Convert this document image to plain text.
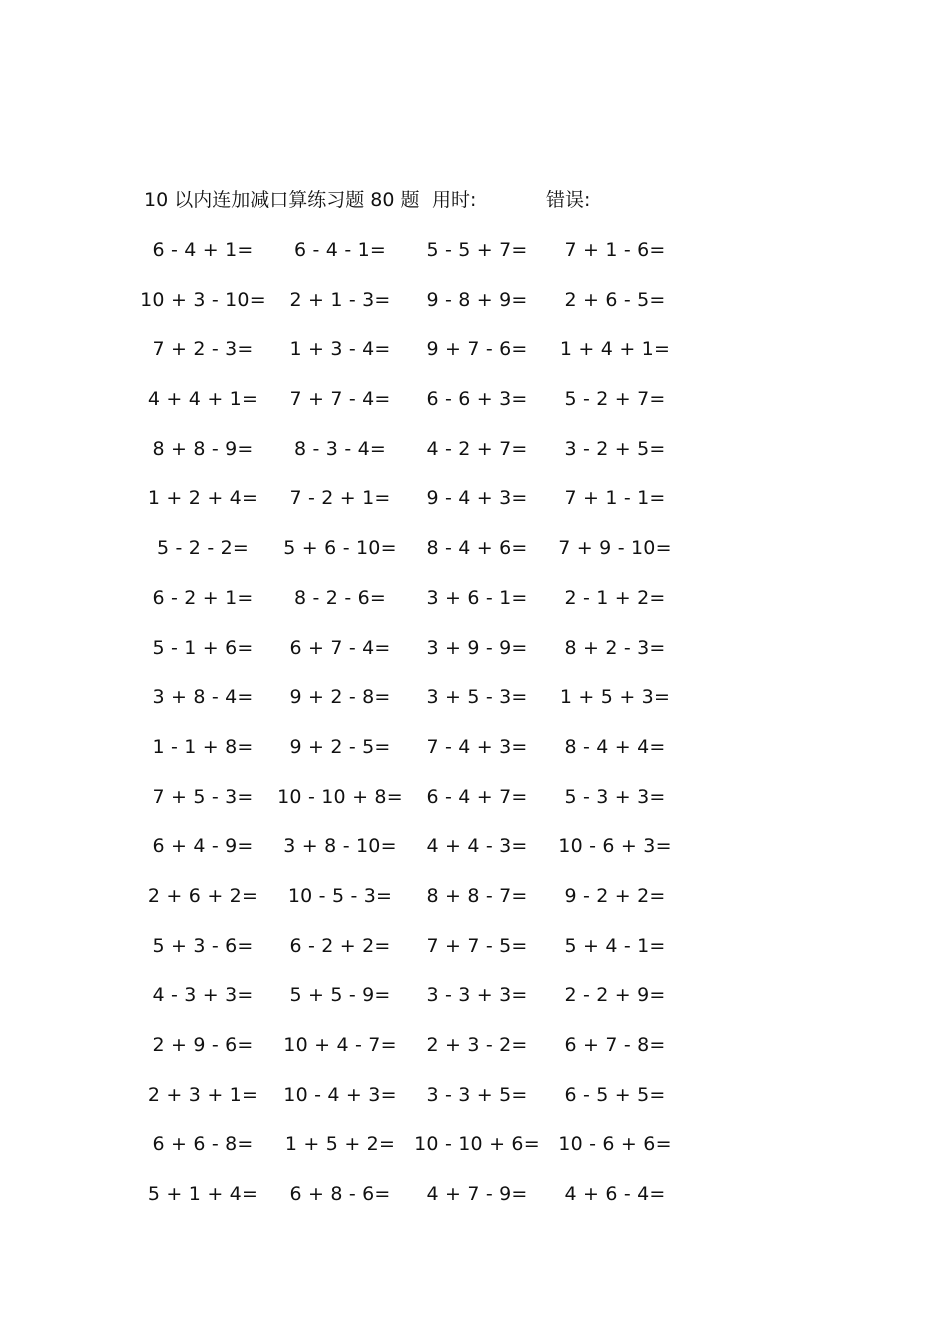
10 以内连加减口算练习题 80 题 用时:	错误:
6 - 4 + 1= 6 - 4 - 1= 5 - 5 + 7= 7 + 1 - 6=
10 + 3 - 10= 2 + 1 - 3= 9 - 8 + 9= 2 + 6 - 5=
7 + 2 - 3= 1 + 3 - 4= 9 + 7 - 6= 1 + 4 + 1=
4 + 4 + 1= 7 + 7 - 4= 6 - 6 + 3= 5 - 2 + 7=
8 + 8 - 9= 8 - 3 - 4= 4 - 2 + 7= 3 - 2 + 5=
1 + 2 + 4= 7 - 2 + 1= 9 - 4 + 3= 7 + 1 - 1=
5 - 2 - 2= 5 + 6 - 10= 8 - 4 + 6= 7 + 9 - 10=
6 - 2 + 1= 8 - 2 - 6= 3 + 6 - 1= 2 - 1 + 2=
5 - 1 + 6= 6 + 7 - 4= 3 + 9 - 9= 8 + 2 - 3=
3 + 8 - 4= 9 + 2 - 8= 3 + 5 - 3= 1 + 5 + 3=
1 - 1 + 8= 9 + 2 - 5= 7 - 4 + 3= 8 - 4 + 4=
7 + 5 - 3= 10 - 10 + 8= 6 - 4 + 7= 5 - 3 + 3=
6 + 4 - 9= 3 + 8 - 10= 4 + 4 - 3= 10 - 6 + 3=
2 + 6 + 2= 10 - 5 - 3= 8 + 8 - 7= 9 - 2 + 2=
5 + 3 - 6= 6 - 2 + 2= 7 + 7 - 5= 5 + 4 - 1=
4 - 3 + 3= 5 + 5 - 9= 3 - 3 + 3= 2 - 2 + 9=
2 + 9 - 6= 10 + 4 - 7= 2 + 3 - 2= 6 + 7 - 8=
2 + 3 + 1= 10 - 4 + 3= 3 - 3 + 5= 6 - 5 + 5=
6 + 6 - 8= 1 + 5 + 2= 10 - 10 + 6= 10 - 6 + 6=
5 + 1 + 4= 6 + 8 - 6= 4 + 7 - 9= 4 + 6 - 4=
